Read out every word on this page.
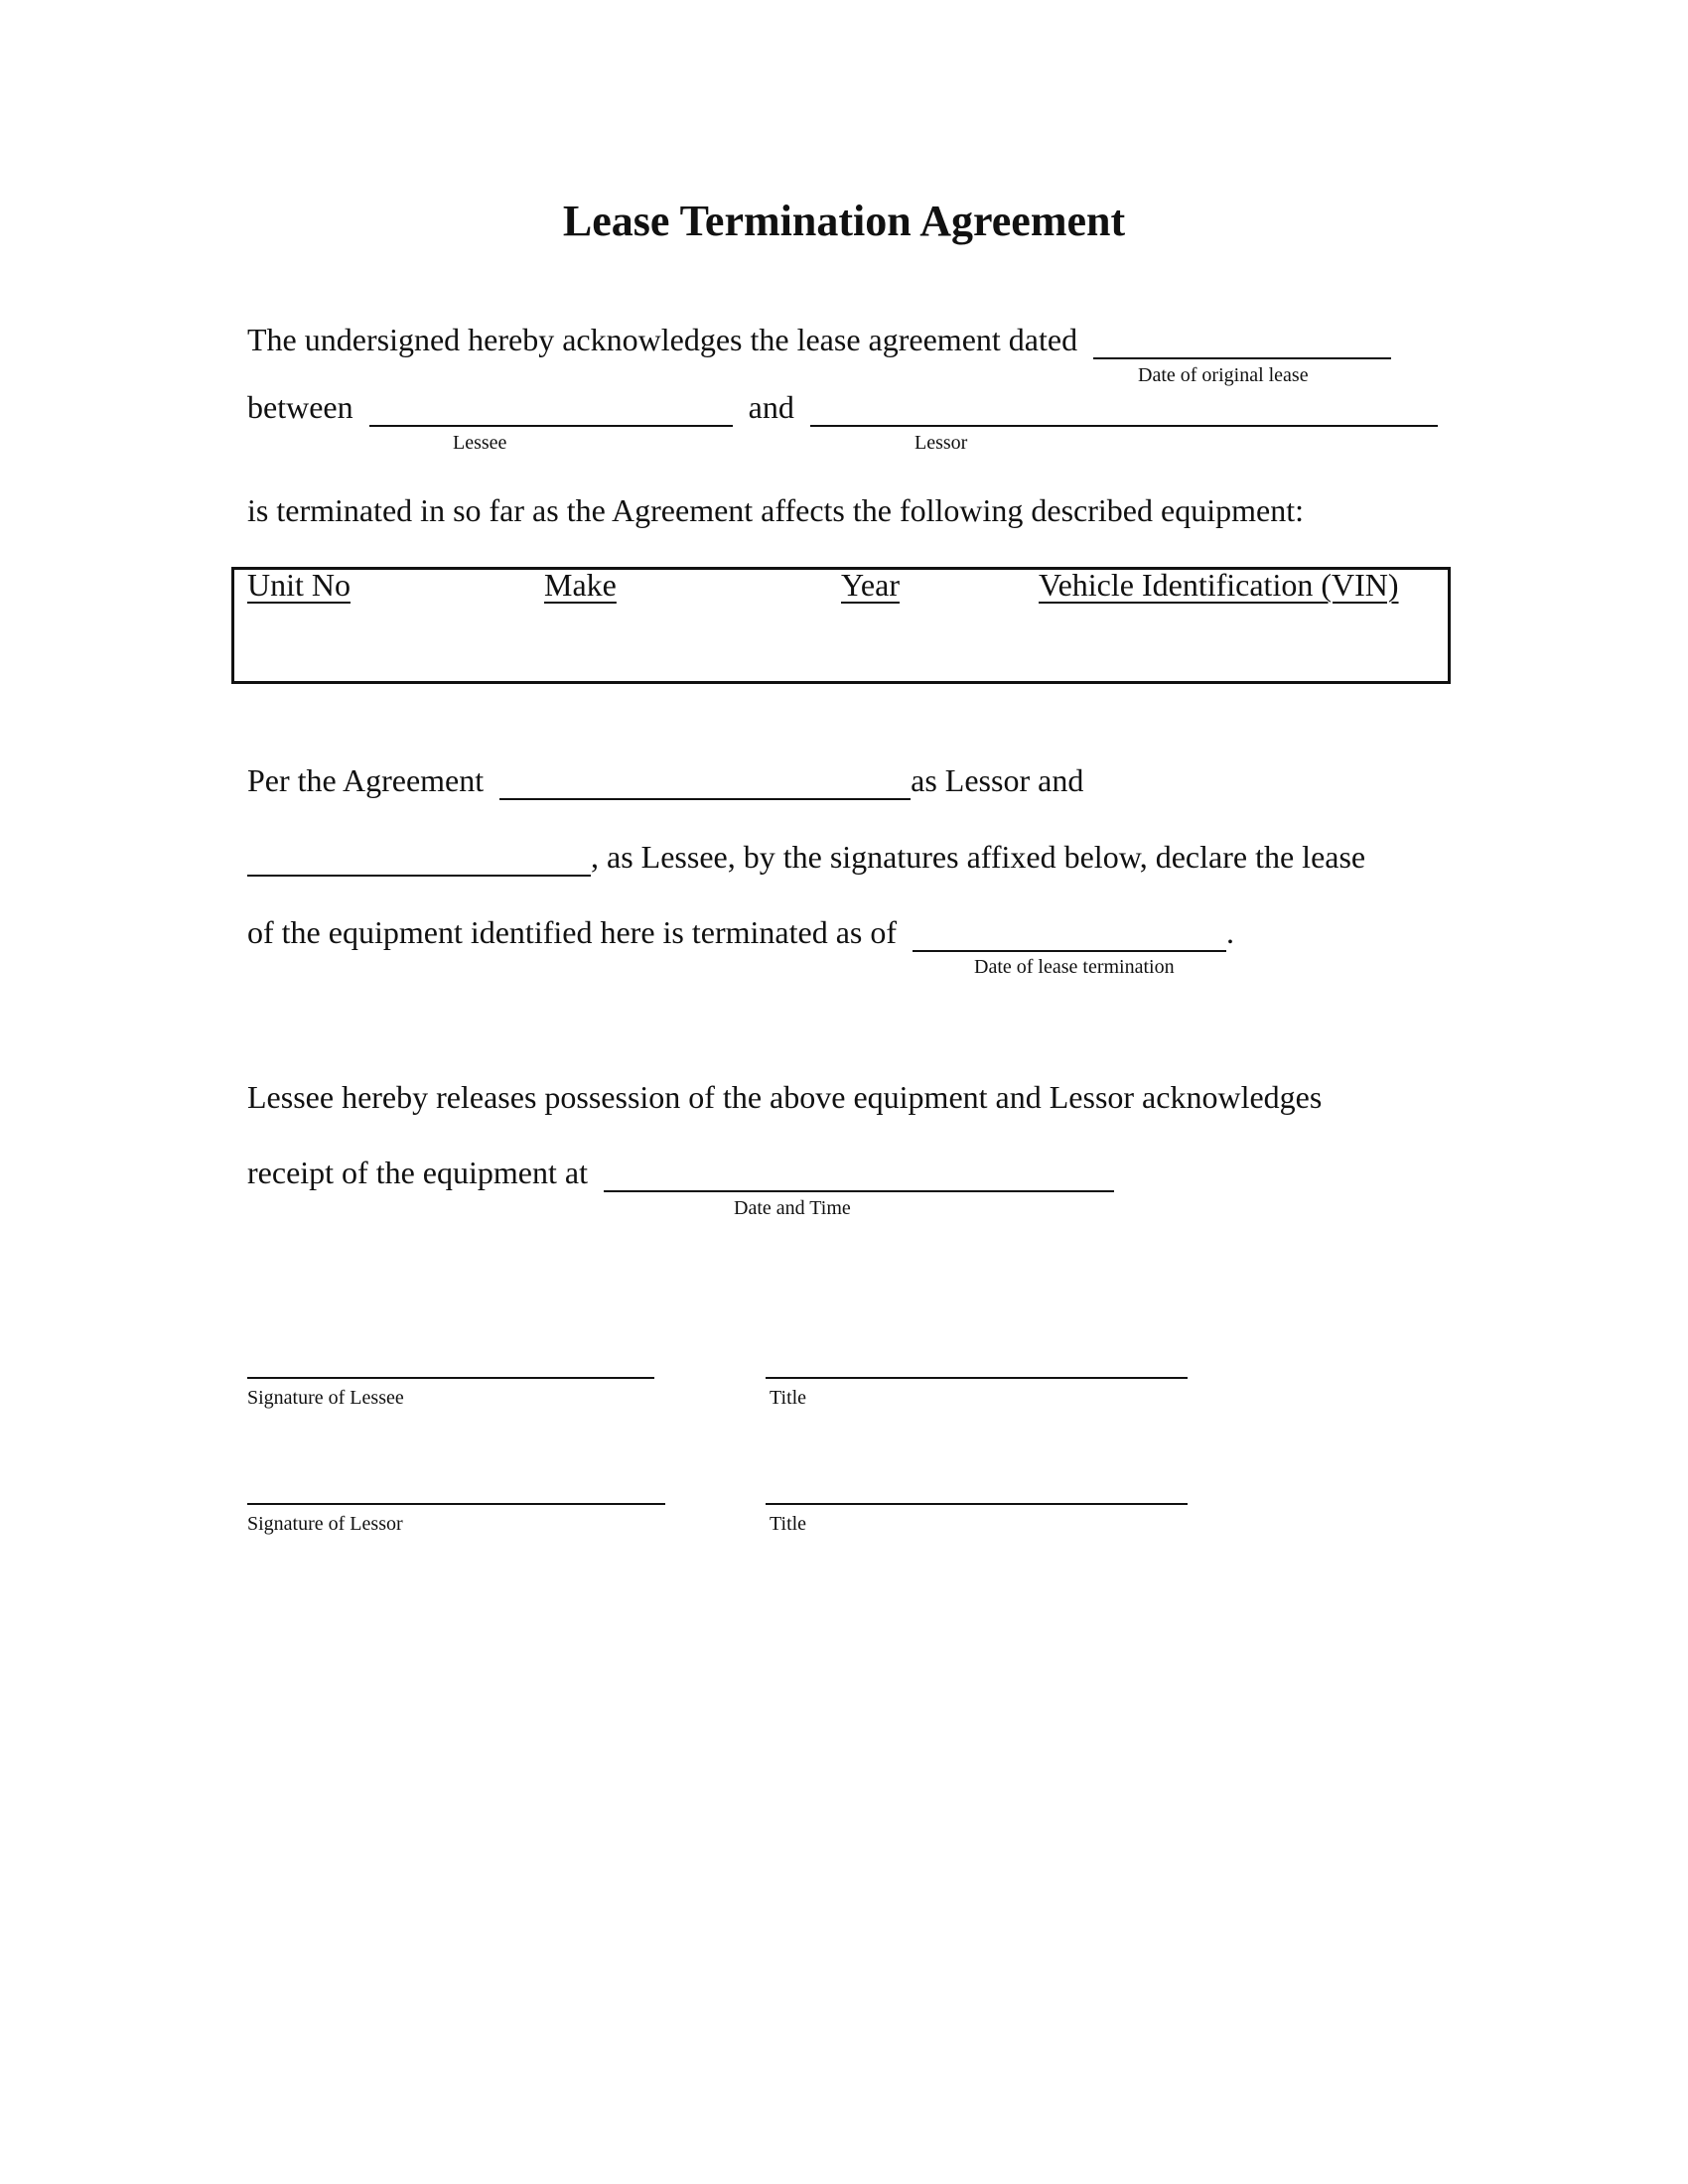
Lease Termination Agreement
The undersigned hereby acknowledges the lease agreement dated
Date of original lease
between	and
Lessee	Lessor
is terminated in so far as the Agreement affects the following described equipment:
Unit No	Make	Year	Vehicle Identification (VIN)
Per the Agreement	as Lessor and
, as Lessee, by the signatures affixed below, declare the lease
of the equipment identified here is terminated as of	.
Date of lease termination
Lessee hereby releases possession of the above equipment and Lessor acknowledges
receipt of the equipment at
Date and Time
Signature of Lessee	Title
Signature of Lessor	Title
